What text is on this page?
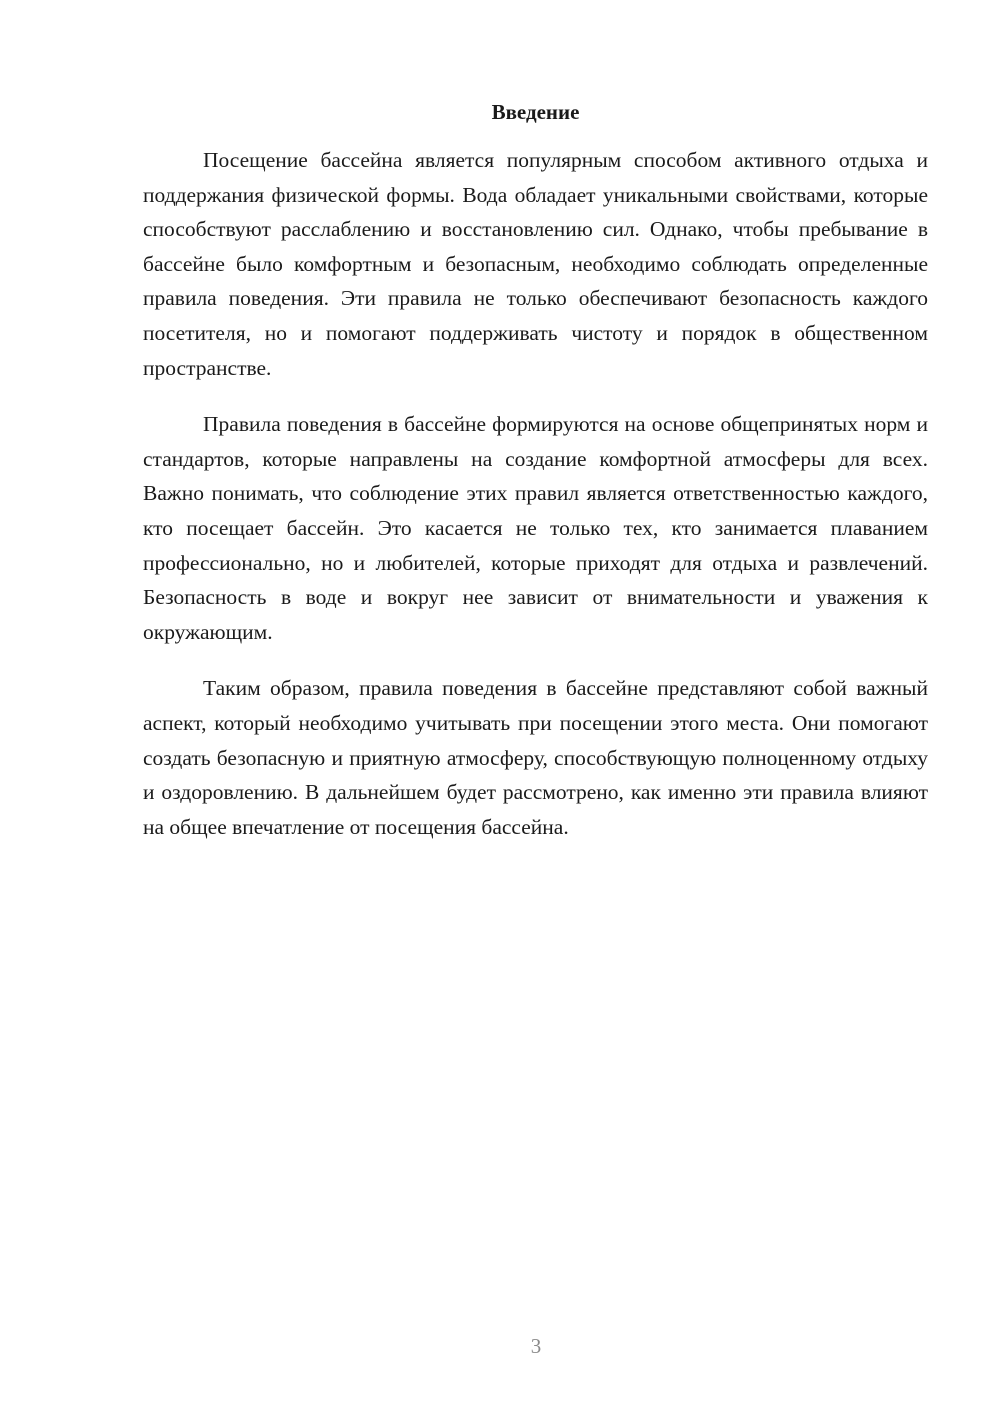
Введение

Посещение бассейна является популярным способом активного отдыха и поддержания физической формы. Вода обладает уникальными свойствами, которые способствуют расслаблению и восстановлению сил. Однако, чтобы пребывание в бассейне было комфортным и безопасным, необходимо соблюдать определенные правила поведения. Эти правила не только обеспечивают безопасность каждого посетителя, но и помогают поддерживать чистоту и порядок в общественном пространстве.

Правила поведения в бассейне формируются на основе общепринятых норм и стандартов, которые направлены на создание комфортной атмосферы для всех. Важно понимать, что соблюдение этих правил является ответственностью каждого, кто посещает бассейн. Это касается не только тех, кто занимается плаванием профессионально, но и любителей, которые приходят для отдыха и развлечений. Безопасность в воде и вокруг нее зависит от внимательности и уважения к окружающим.

Таким образом, правила поведения в бассейне представляют собой важный аспект, который необходимо учитывать при посещении этого места. Они помогают создать безопасную и приятную атмосферу, способствующую полноценному отдыху и оздоровлению. В дальнейшем будет рассмотрено, как именно эти правила влияют на общее впечатление от посещения бассейна.

3
